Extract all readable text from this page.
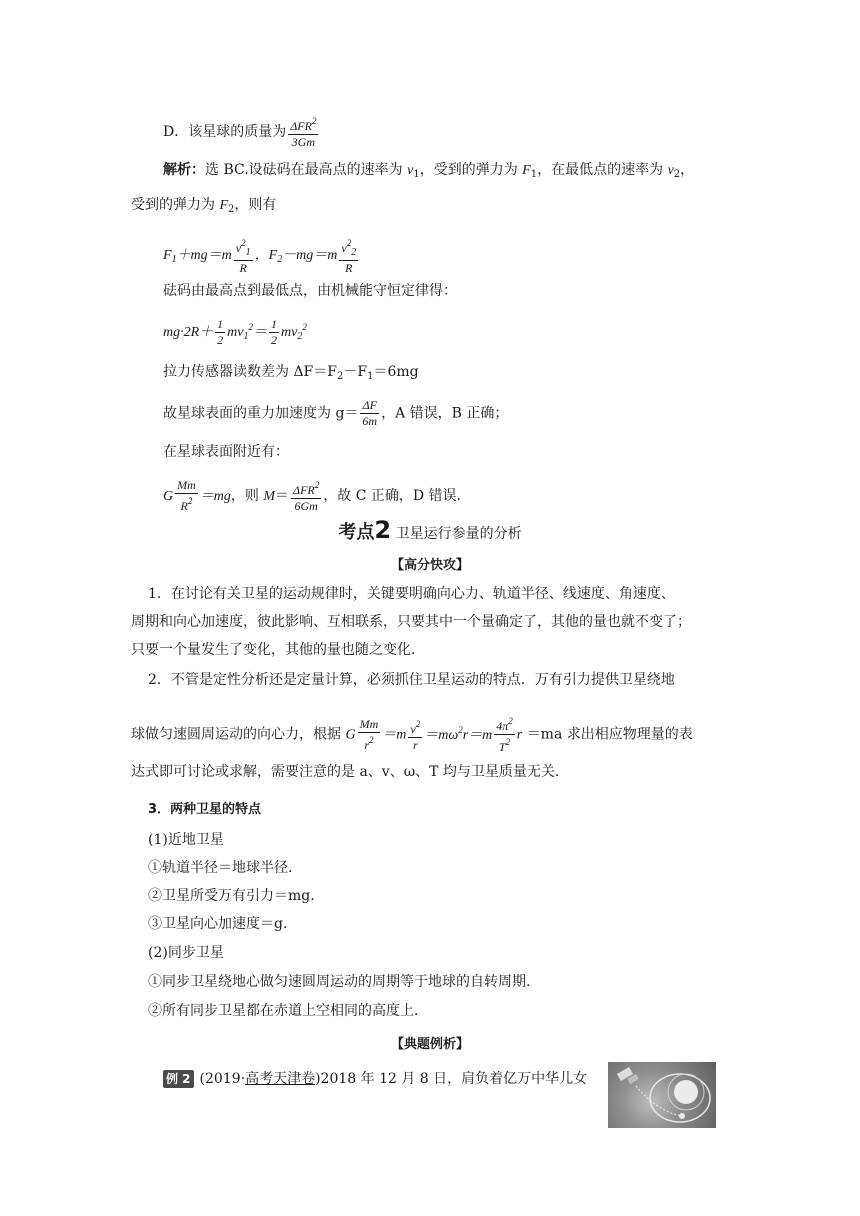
D．该星球的质量为 $\frac{\Delta FR^2}{3Gm}$
解析：选 BC.设砝码在最高点的速率为 $v_1$，受到的弹力为 $F_1$，在最低点的速率为 $v_2$，
受到的弹力为 $F_2$，则有
$F_1+mg=m \frac{v^2_1}{R}$ ，$F_2-mg=m \frac{v^2_2}{R}$
砝码由最高点到最低点，由机械能守恒定律得：
$mg\cdot 2R+ \frac{1}{2} mv_1^2= \frac{1}{2} mv_2^2$
拉力传感器读数差为 $\Delta F=F_2-F_1=6mg$
故星球表面的重力加速度为 $g= \frac{\Delta F}{6m}$ ，A 错误，B 正确；
在星球表面附近有：
G $\frac{Mm}{R^2} =mg$，则 $M= \frac{\Delta FR^2}{6Gm}$ ，故 C 正确，D 错误.
考点2 卫星运行参量的分析
【高分快攻】
1．在讨论有关卫星的运动规律时，关键要明确向心力、轨道半径、线速度、角速度、
周期和向心加速度，彼此影响、互相联系，只要其中一个量确定了，其他的量也就不变了；
只要一个量发生了变化，其他的量也随之变化.
2．不管是定性分析还是定量计算，必须抓住卫星运动的特点．万有引力提供卫星绕地
球做匀速圆周运动的向心力，根据 G $\frac{Mm}{r^2} =m \frac{v^2}{r} =m\omega^2r=m \frac{4\pi^2}{T^2}$ r ＝ma 求出相应物理量的表
达式即可讨论或求解，需要注意的是 a、v、ω、T 均与卫星质量无关.
3．两种卫星的特点
(1)近地卫星
①轨道半径＝地球半径.
②卫星所受万有引力＝mg.
③卫星向心加速度＝g.
(2)同步卫星
①同步卫星绕地心做匀速圆周运动的周期等于地球的自转周期.
②所有同步卫星都在赤道上空相同的高度上.
【典题例析】
例 2 (2019·高考天津卷)2018 年 12 月 8 日，肩负着亿万中华儿女
